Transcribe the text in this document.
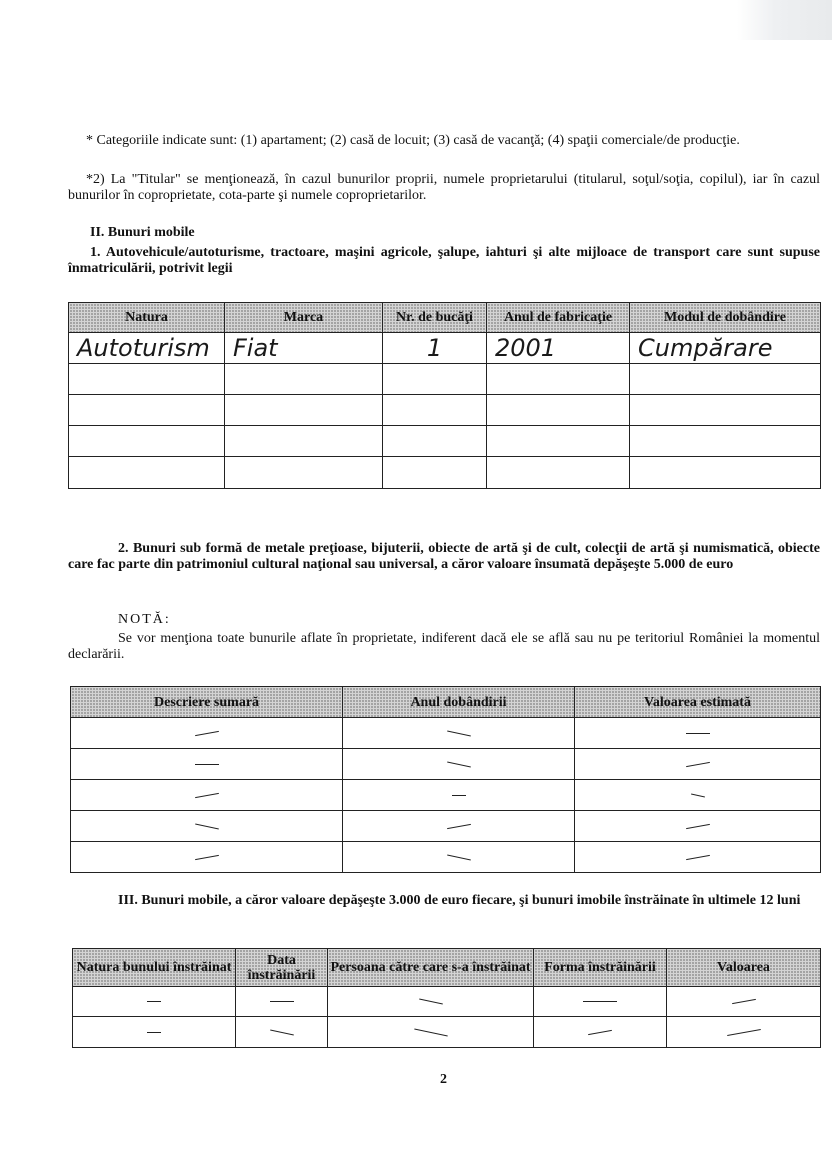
* Categoriile indicate sunt: (1) apartament; (2) casă de locuit; (3) casă de vacanţă; (4) spaţii comerciale/de producţie.
*2) La "Titular" se menţionează, în cazul bunurilor proprii, numele proprietarului (titularul, soţul/soţia, copilul), iar în cazul bunurilor în coproprietate, cota-parte şi numele coproprietarilor.
II. Bunuri mobile
1. Autovehicule/autoturisme, tractoare, maşini agricole, şalupe, iahturi şi alte mijloace de transport care sunt supuse înmatriculării, potrivit legii
Natura	Marca	Nr. de bucăţi	Anul de fabricaţie	Modul de dobândire
Autoturism	Fiat	1	2001	Cumpărare

2. Bunuri sub formă de metale preţioase, bijuterii, obiecte de artă şi de cult, colecţii de artă şi numismatică, obiecte care fac parte din patrimoniul cultural naţional sau universal, a căror valoare însumată depăşeşte 5.000 de euro
NOTĂ:
Se vor menţiona toate bunurile aflate în proprietate, indiferent dacă ele se află sau nu pe teritoriul României la momentul declarării.
Descriere sumară	Anul dobândirii	Valoarea estimată

III. Bunuri mobile, a căror valoare depăşeşte 3.000 de euro fiecare, şi bunuri imobile înstrăinate în ultimele 12 luni
Natura bunului înstrăinat	Data înstrăinării	Persoana către care s-a înstrăinat	Forma înstrăinării	Valoarea

2
